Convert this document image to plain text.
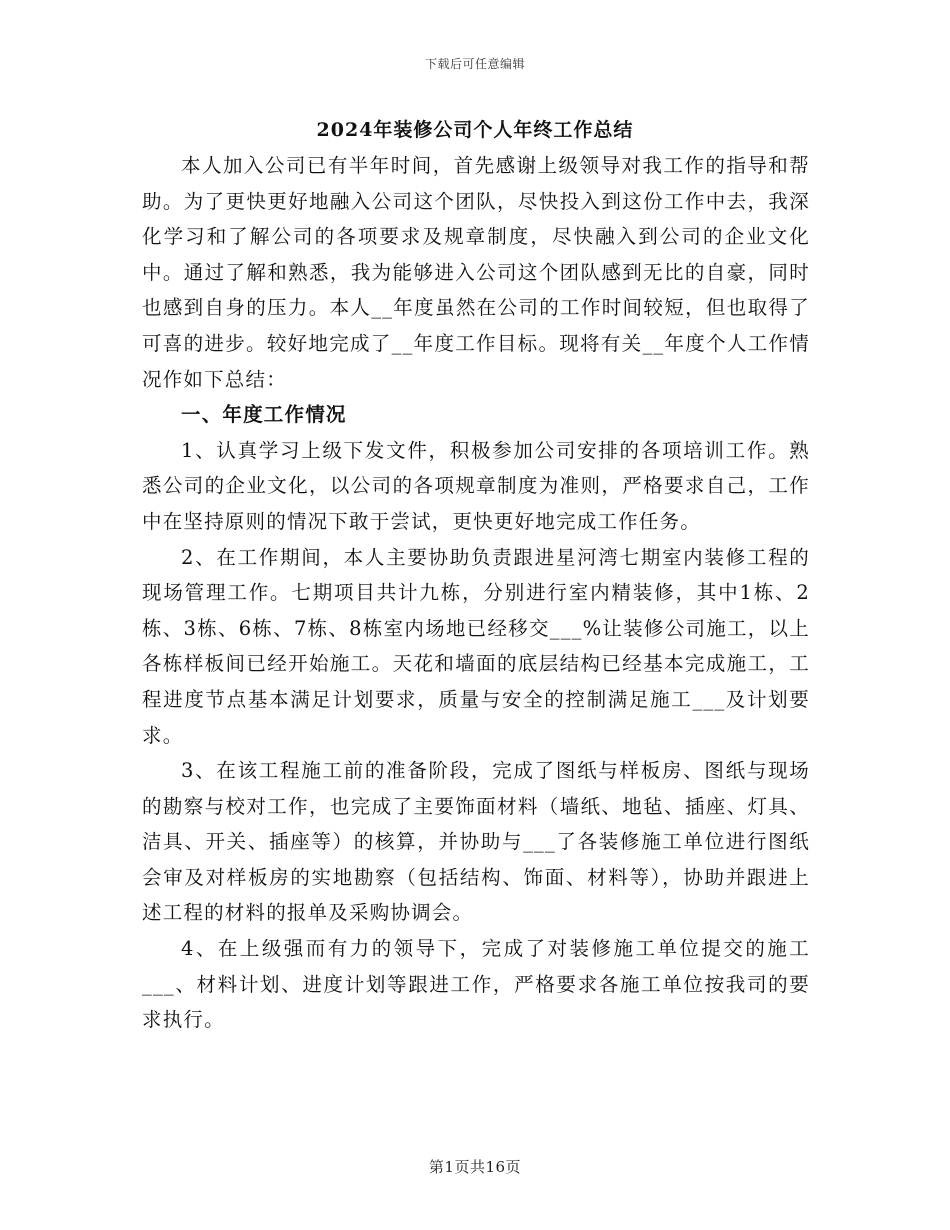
下载后可任意编辑
2024年装修公司个人年终工作总结

本人加入公司已有半年时间，首先感谢上级领导对我工作的指导和帮助。为了更快更好地融入公司这个团队，尽快投入到这份工作中去，我深化学习和了解公司的各项要求及规章制度，尽快融入到公司的企业文化中。通过了解和熟悉，我为能够进入公司这个团队感到无比的自豪，同时也感到自身的压力。本人__年度虽然在公司的工作时间较短，但也取得了可喜的进步。较好地完成了__年度工作目标。现将有关__年度个人工作情况作如下总结：

一、年度工作情况

1、认真学习上级下发文件，积极参加公司安排的各项培训工作。熟悉公司的企业文化，以公司的各项规章制度为准则，严格要求自己，工作中在坚持原则的情况下敢于尝试，更快更好地完成工作任务。

2、在工作期间，本人主要协助负责跟进星河湾七期室内装修工程的现场管理工作。七期项目共计九栋，分别进行室内精装修，其中1栋、2栋、3栋、6栋、7栋、8栋室内场地已经移交___%让装修公司施工，以上各栋样板间已经开始施工。天花和墙面的底层结构已经基本完成施工，工程进度节点基本满足计划要求，质量与安全的控制满足施工___及计划要求。

3、在该工程施工前的准备阶段，完成了图纸与样板房、图纸与现场的勘察与校对工作，也完成了主要饰面材料（墙纸、地毡、插座、灯具、洁具、开关、插座等）的核算，并协助与___了各装修施工单位进行图纸会审及对样板房的实地勘察（包括结构、饰面、材料等），协助并跟进上述工程的材料的报单及采购协调会。

4、在上级强而有力的领导下，完成了对装修施工单位提交的施工___、材料计划、进度计划等跟进工作，严格要求各施工单位按我司的要求执行。

第1页共16页
